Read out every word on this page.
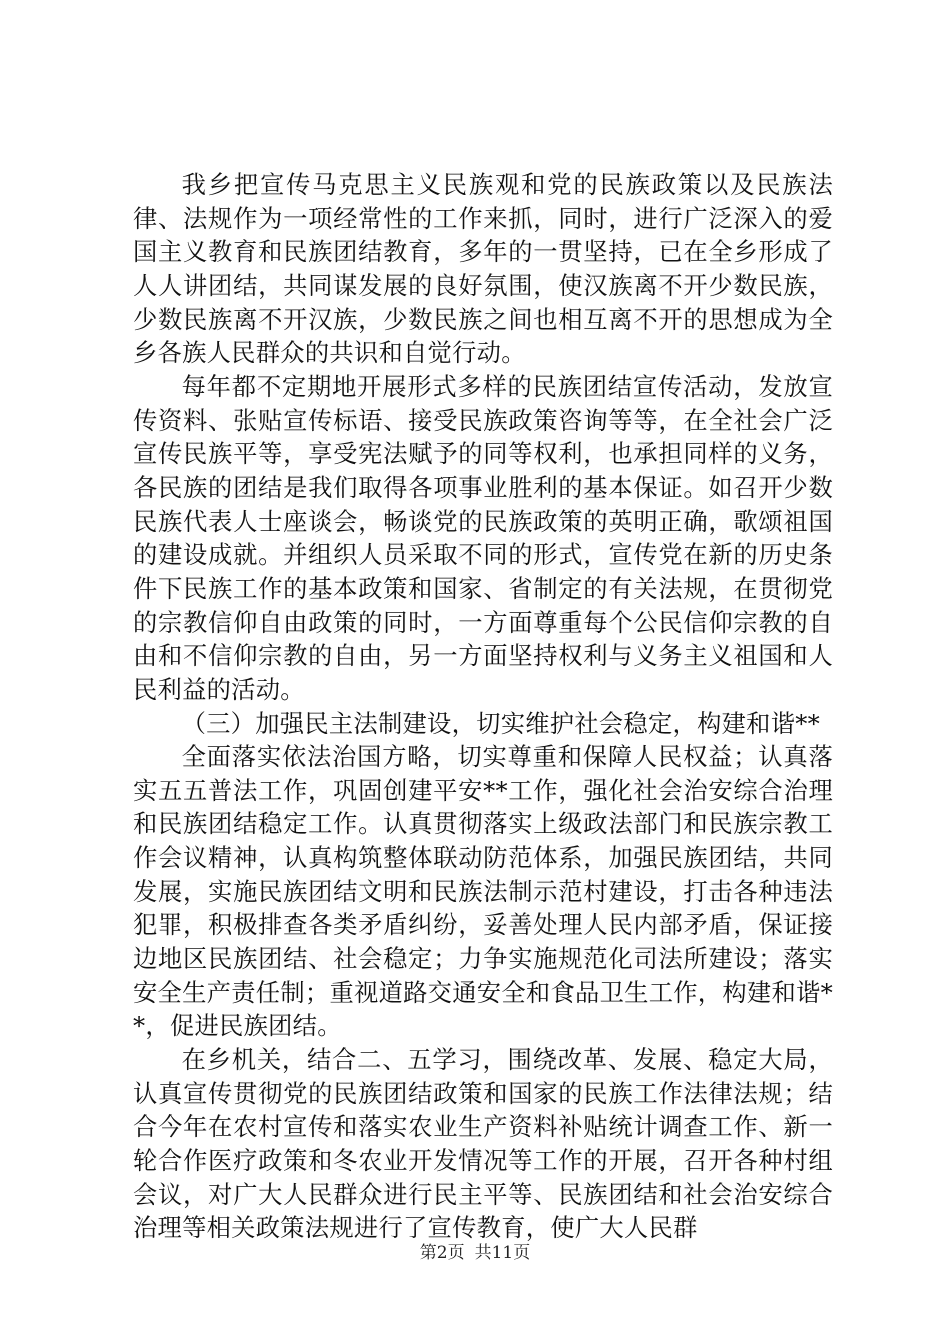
我乡把宣传马克思主义民族观和党的民族政策以及民族法律、法规作为一项经常性的工作来抓，同时，进行广泛深入的爱国主义教育和民族团结教育，多年的一贯坚持，已在全乡形成了人人讲团结，共同谋发展的良好氛围，使汉族离不开少数民族，少数民族离不开汉族，少数民族之间也相互离不开的思想成为全乡各族人民群众的共识和自觉行动。

每年都不定期地开展形式多样的民族团结宣传活动，发放宣传资料、张贴宣传标语、接受民族政策咨询等等，在全社会广泛宣传民族平等，享受宪法赋予的同等权利，也承担同样的义务，各民族的团结是我们取得各项事业胜利的基本保证。如召开少数民族代表人士座谈会，畅谈党的民族政策的英明正确，歌颂祖国的建设成就。并组织人员采取不同的形式，宣传党在新的历史条件下民族工作的基本政策和国家、省制定的有关法规，在贯彻党的宗教信仰自由政策的同时，一方面尊重每个公民信仰宗教的自由和不信仰宗教的自由，另一方面坚持权利与义务主义祖国和人民利益的活动。

（三）加强民主法制建设，切实维护社会稳定，构建和谐**

全面落实依法治国方略，切实尊重和保障人民权益；认真落实五五普法工作，巩固创建平安**工作，强化社会治安综合治理和民族团结稳定工作。认真贯彻落实上级政法部门和民族宗教工作会议精神，认真构筑整体联动防范体系，加强民族团结，共同发展，实施民族团结文明和民族法制示范村建设，打击各种违法犯罪，积极排查各类矛盾纠纷，妥善处理人民内部矛盾，保证接边地区民族团结、社会稳定；力争实施规范化司法所建设；落实安全生产责任制；重视道路交通安全和食品卫生工作，构建和谐**，促进民族团结。

在乡机关，结合二、五学习，围绕改革、发展、稳定大局，认真宣传贯彻党的民族团结政策和国家的民族工作法律法规；结合今年在农村宣传和落实农业生产资料补贴统计调查工作、新一轮合作医疗政策和冬农业开发情况等工作的开展，召开各种村组会议，对广大人民群众进行民主平等、民族团结和社会治安综合治理等相关政策法规进行了宣传教育，使广大人民群

第2页 共11页
